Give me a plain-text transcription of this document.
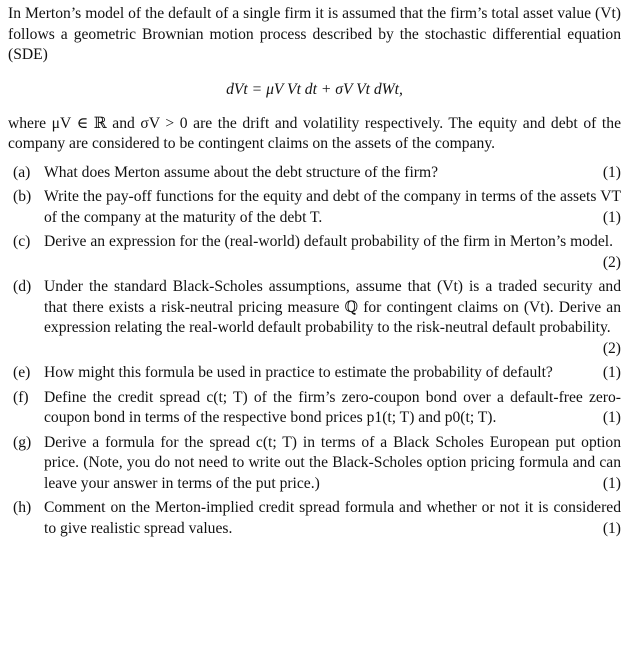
In Merton’s model of the default of a single firm it is assumed that the firm’s total asset value (Vt) follows a geometric Brownian motion process described by the stochastic differential equation (SDE)

dVt = μV Vt dt + σV Vt dWt,

where μV ∈ ℝ and σV > 0 are the drift and volatility respectively. The equity and debt of the company are considered to be contingent claims on the assets of the company.

(a) What does Merton assume about the debt structure of the firm?	(1)
(b) Write the pay-off functions for the equity and debt of the company in terms of the assets VT of the company at the maturity of the debt T.	(1)
(c) Derive an expression for the (real-world) default probability of the firm in Merton’s model.
(2)
(d) Under the standard Black-Scholes assumptions, assume that (Vt) is a traded security and that there exists a risk-neutral pricing measure ℚ for contingent claims on (Vt). Derive an expression relating the real-world default probability to the risk-neutral default probability.
(2)
(e) How might this formula be used in practice to estimate the probability of default?	(1)
(f) Define the credit spread c(t; T) of the firm’s zero-coupon bond over a default-free zero-coupon bond in terms of the respective bond prices p1(t; T) and p0(t; T).	(1)
(g) Derive a formula for the spread c(t; T) in terms of a Black Scholes European put option price. (Note, you do not need to write out the Black-Scholes option pricing formula and can leave your answer in terms of the put price.)	(1)
(h) Comment on the Merton-implied credit spread formula and whether or not it is considered to give realistic spread values.	(1)
